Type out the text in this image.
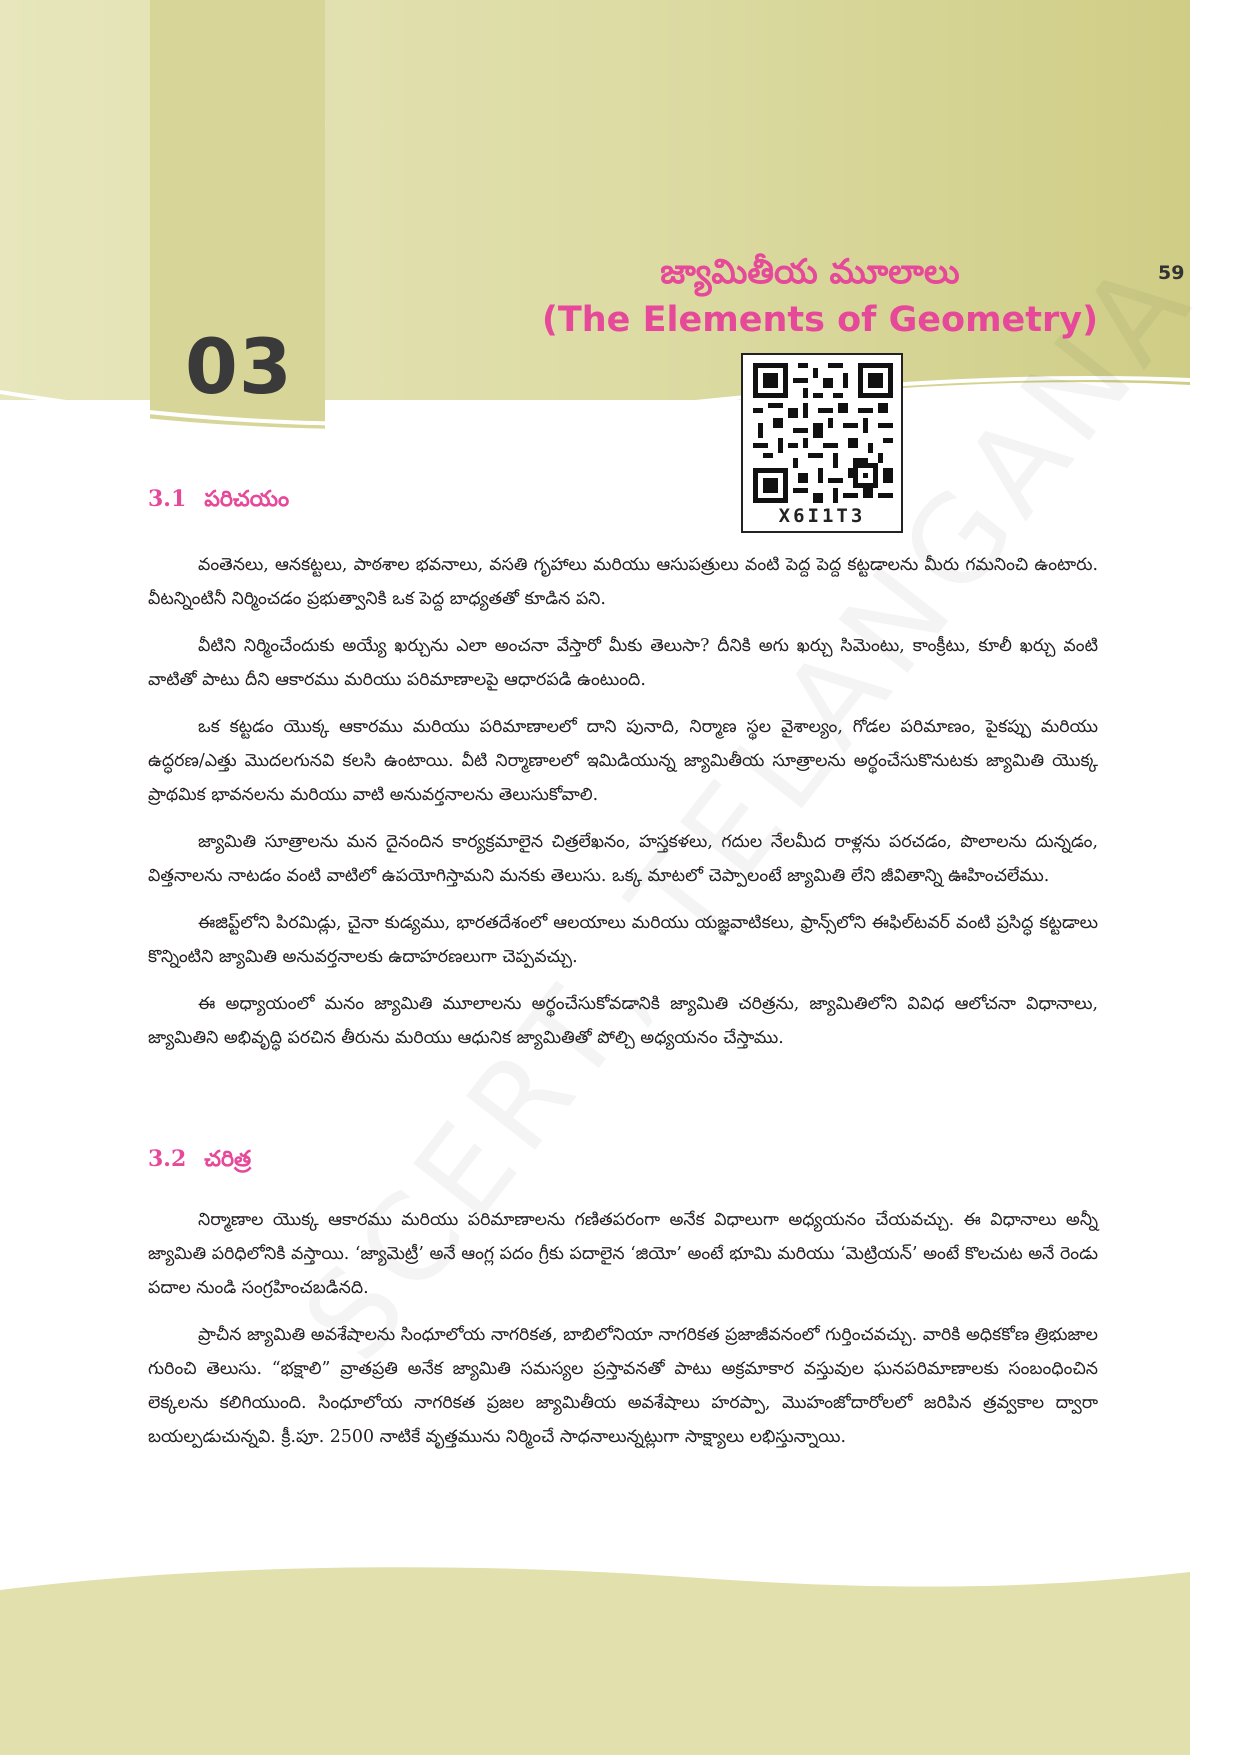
03
59
జ్యామితీయ మూలాలు
(The Elements of Geometry)
X6I1T3
3.1 పరిచయం

వంతెనలు, ఆనకట్టలు, పాఠశాల భవనాలు, వసతి గృహాలు మరియు ఆసుపత్రులు వంటి పెద్ద పెద్ద కట్టడాలను మీరు గమనించి ఉంటారు. వీటన్నింటినీ నిర్మించడం ప్రభుత్వానికి ఒక పెద్ద బాధ్యతతో కూడిన పని.

వీటిని నిర్మించేందుకు అయ్యే ఖర్చును ఎలా అంచనా వేస్తారో మీకు తెలుసా? దీనికి అగు ఖర్చు సిమెంటు, కాంక్రీటు, కూలీ ఖర్చు వంటి వాటితో పాటు దీని ఆకారము మరియు పరిమాణాలపై ఆధారపడి ఉంటుంది.

ఒక కట్టడం యొక్క ఆకారము మరియు పరిమాణాలలో దాని పునాది, నిర్మాణ స్థల వైశాల్యం, గోడల పరిమాణం, పైకప్పు మరియు ఉద్ధరణ/ఎత్తు మొదలగునవి కలసి ఉంటాయి. వీటి నిర్మాణాలలో ఇమిడియున్న జ్యామితీయ సూత్రాలను అర్థంచేసుకొనుటకు జ్యామితి యొక్క ప్రాథమిక భావనలను మరియు వాటి అనువర్తనాలను తెలుసుకోవాలి.

జ్యామితి సూత్రాలను మన దైనందిన కార్యక్రమాలైన చిత్రలేఖనం, హస్తకళలు, గదుల నేలమీద రాళ్లను పరచడం, పొలాలను దున్నడం, విత్తనాలను నాటడం వంటి వాటిలో ఉపయోగిస్తామని మనకు తెలుసు. ఒక్క మాటలో చెప్పాలంటే జ్యామితి లేని జీవితాన్ని ఊహించలేము.

ఈజిప్ట్‌లోని పిరమిడ్లు, చైనా కుడ్యము, భారతదేశంలో ఆలయాలు మరియు యజ్ఞవాటికలు, ఫ్రాన్స్‌లోని ఈఫిల్‌టవర్ వంటి ప్రసిద్ధ కట్టడాలు కొన్నింటిని జ్యామితి అనువర్తనాలకు ఉదాహరణలుగా చెప్పవచ్చు.

ఈ అధ్యాయంలో మనం జ్యామితి మూలాలను అర్థంచేసుకోవడానికి జ్యామితి చరిత్రను, జ్యామితిలోని వివిధ ఆలోచనా విధానాలు, జ్యామితిని అభివృద్ధి పరచిన తీరును మరియు ఆధునిక జ్యామితితో పోల్చి అధ్యయనం చేస్తాము.

3.2 చరిత్ర

నిర్మాణాల యొక్క ఆకారము మరియు పరిమాణాలను గణితపరంగా అనేక విధాలుగా అధ్యయనం చేయవచ్చు. ఈ విధానాలు అన్నీ జ్యామితి పరిధిలోనికి వస్తాయి. ‘జ్యామెట్రీ’ అనే ఆంగ్ల పదం గ్రీకు పదాలైన ‘జియో’ అంటే భూమి మరియు ‘మెట్రియన్’ అంటే కొలచుట అనే రెండు పదాల నుండి సంగ్రహించబడినది.

ప్రాచీన జ్యామితి అవశేషాలను సింధూలోయ నాగరికత, బాబిలోనియా నాగరికత ప్రజాజీవనంలో గుర్తించవచ్చు. వారికి అధికకోణ త్రిభుజాల గురించి తెలుసు. “భక్షాలి” వ్రాతప్రతి అనేక జ్యామితి సమస్యల ప్రస్తావనతో పాటు అక్రమాకార వస్తువుల ఘనపరిమాణాలకు సంబంధించిన లెక్కలను కలిగియుంది. సింధూలోయ నాగరికత ప్రజల జ్యామితీయ అవశేషాలు హరప్పా, మొహంజోదారోలలో జరిపిన త్రవ్వకాల ద్వారా బయల్పడుచున్నవి. క్రీ.పూ. 2500 నాటికే వృత్తమును నిర్మించే సాధనాలున్నట్లుగా సాక్ష్యాలు లభిస్తున్నాయి.
